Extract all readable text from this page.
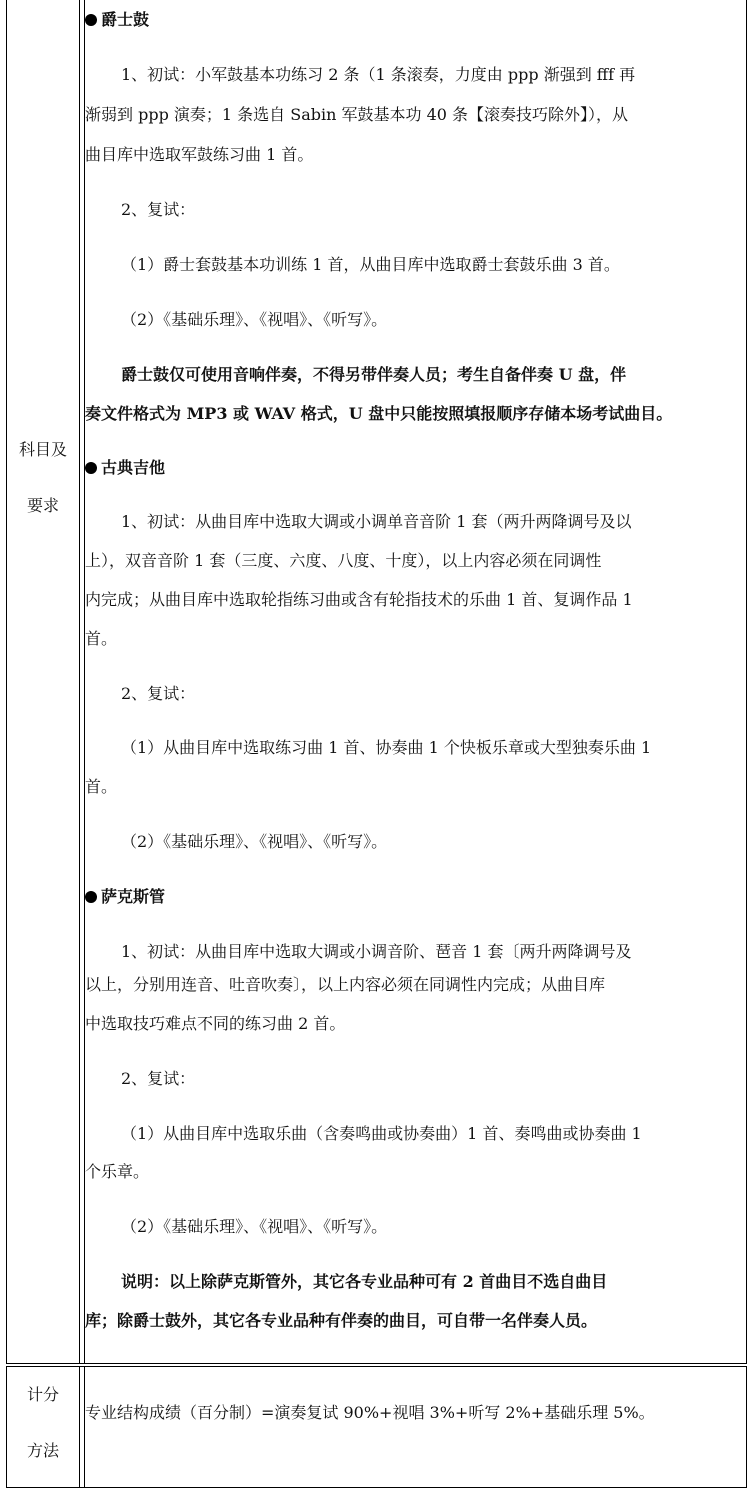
科目及
要求
爵士鼓
1、初试：小军鼓基本功练习 2 条（1 条滚奏，力度由 ppp 渐强到 fff 再
渐弱到 ppp 演奏；1 条选自 Sabin 军鼓基本功 40 条【滚奏技巧除外】），从
曲目库中选取军鼓练习曲 1 首。
2、复试：
（1）爵士套鼓基本功训练 1 首，从曲目库中选取爵士套鼓乐曲 3 首。
（2）《基础乐理》、《视唱》、《听写》。
爵士鼓仅可使用音响伴奏，不得另带伴奏人员；考生自备伴奏 U 盘，伴
奏文件格式为 MP3 或 WAV 格式，U 盘中只能按照填报顺序存储本场考试曲目。
古典吉他
1、初试：从曲目库中选取大调或小调单音音阶 1 套（两升两降调号及以
上），双音音阶 1 套（三度、六度、八度、十度），以上内容必须在同调性
内完成；从曲目库中选取轮指练习曲或含有轮指技术的乐曲 1 首、复调作品 1
首。
2、复试：
（1）从曲目库中选取练习曲 1 首、协奏曲 1 个快板乐章或大型独奏乐曲 1
首。
（2）《基础乐理》、《视唱》、《听写》。
萨克斯管
1、初试：从曲目库中选取大调或小调音阶、琶音 1 套〔两升两降调号及
以上，分别用连音、吐音吹奏〕，以上内容必须在同调性内完成；从曲目库
中选取技巧难点不同的练习曲 2 首。
2、复试：
（1）从曲目库中选取乐曲（含奏鸣曲或协奏曲）1 首、奏鸣曲或协奏曲 1
个乐章。
（2）《基础乐理》、《视唱》、《听写》。
说明：以上除萨克斯管外，其它各专业品种可有 2 首曲目不选自曲目
库；除爵士鼓外，其它各专业品种有伴奏的曲目，可自带一名伴奏人员。
计分
方法
专业结构成绩（百分制）=演奏复试 90%+视唱 3%+听写 2%+基础乐理 5%。
